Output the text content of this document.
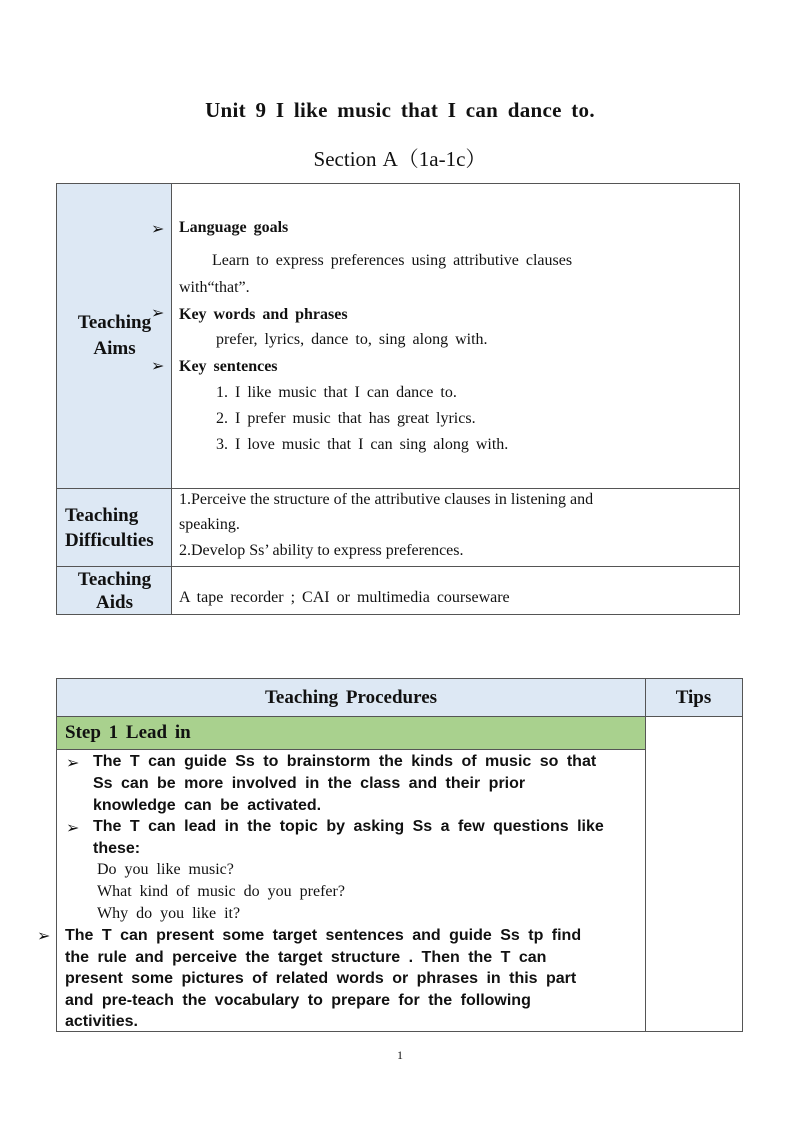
Unit 9 I like music that I can dance to.
Section A（1a-1c）
Teaching
Aims
➢
➢
➢
Language goals
Learn to express preferences using attributive clauses
with“that”.
Key words and phrases
prefer, lyrics, dance to, sing along with.
Key sentences
1. I like music that I can dance to.
2. I prefer music that has great lyrics.
3. I love music that I can sing along with.
Teaching
Difficulties
1.Perceive the structure of the attributive clauses in listening and
speaking.
2.Develop Ss’ ability to express preferences.
Teaching
Aids	A tape recorder ; CAI or multimedia courseware
Teaching Procedures	Tips
Step 1 Lead in
➢ The T can guide Ss to brainstorm the kinds of music so that
Ss can be more involved in the class and their prior
knowledge can be activated.
➢ The T can lead in the topic by asking Ss a few questions like
these:
Do you like music?
What kind of music do you prefer?
Why do you like it?
➢ The T can present some target sentences and guide Ss tp find
the rule and perceive the target structure . Then the T can
present some pictures of related words or phrases in this part
and pre-teach the vocabulary to prepare for the following
activities.
1
